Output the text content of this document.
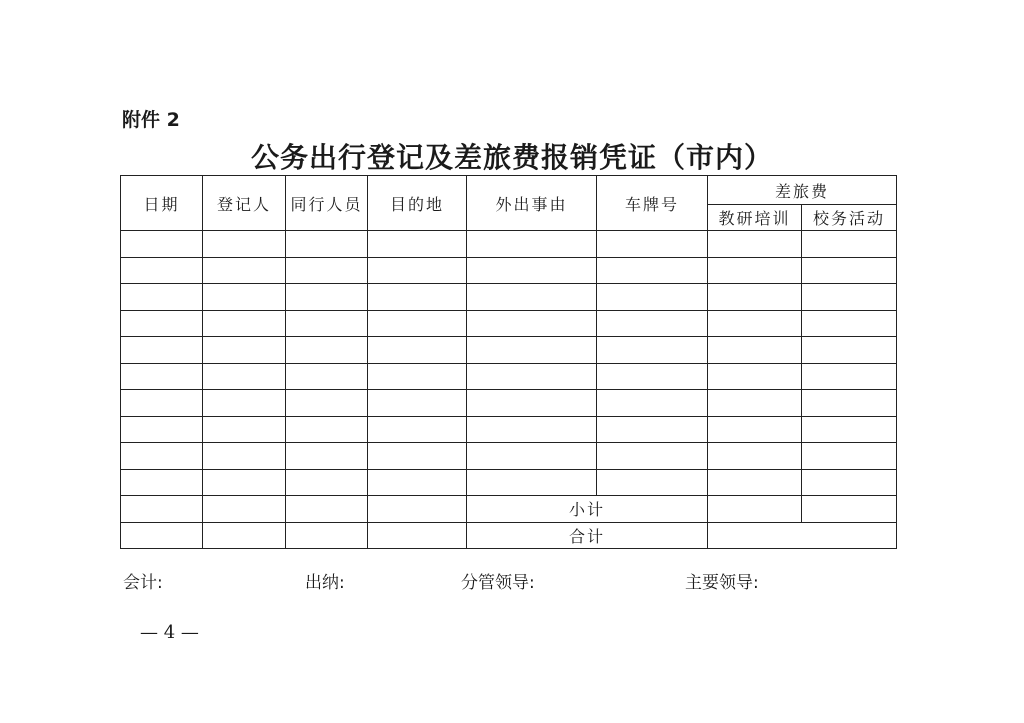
附件 2
公务出行登记及差旅费报销凭证（市内）
日期	登记人	同行人员	目的地	外出事由	车牌号	差旅费	
						教研培训	校务活动

				小计			
				合计			
会计:	出纳:	分管领导:	主要领导:
— 4 —
